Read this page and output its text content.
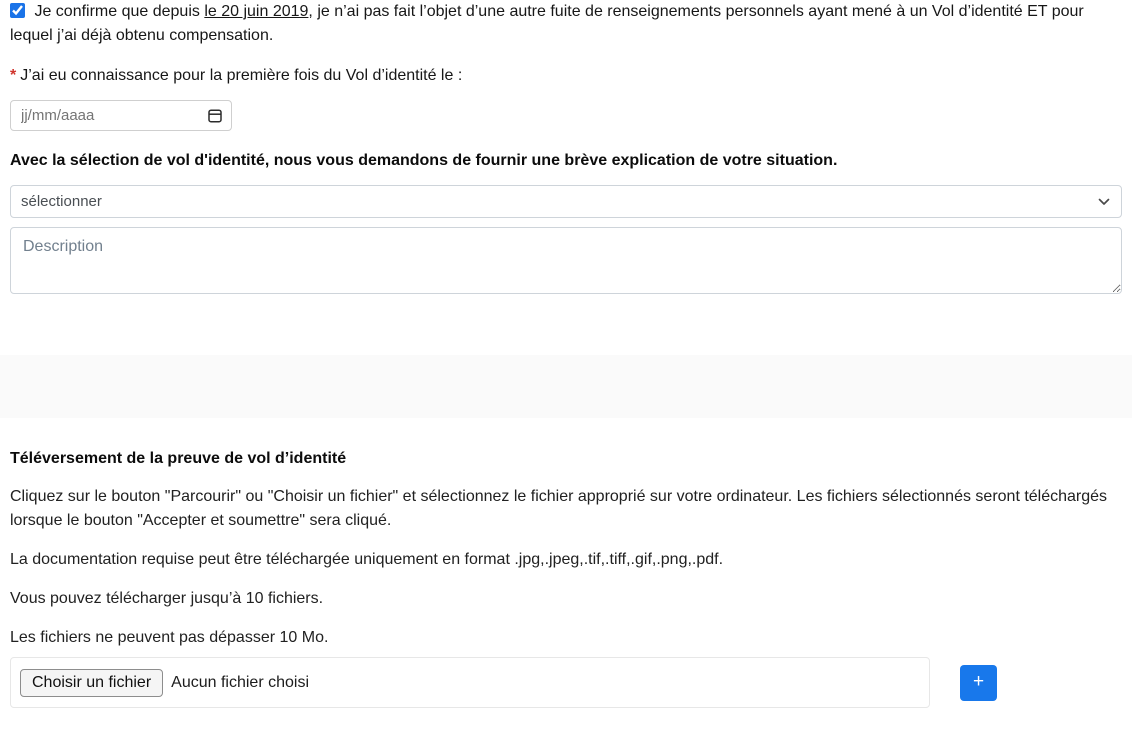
Je confirme que depuis le 20 juin 2019, je n’ai pas fait l’objet d’une autre fuite de renseignements personnels ayant mené à un Vol d’identité ET pour lequel j’ai déjà obtenu compensation.
* J’ai eu connaissance pour la première fois du Vol d’identité le :
jj/mm/aaaa
Avec la sélection de vol d'identité, nous vous demandons de fournir une brève explication de votre situation.
sélectionner
Description
Téléversement de la preuve de vol d’identité

Cliquez sur le bouton "Parcourir" ou "Choisir un fichier" et sélectionnez le fichier approprié sur votre ordinateur. Les fichiers sélectionnés seront téléchargés lorsque le bouton "Accepter et soumettre" sera cliqué.

La documentation requise peut être téléchargée uniquement en format .jpg,.jpeg,.tif,.tiff,.gif,.png,.pdf.

Vous pouvez télécharger jusqu’à 10 fichiers.

Les fichiers ne peuvent pas dépasser 10 Mo.

Choisir un fichier	Aucun fichier choisi	+
